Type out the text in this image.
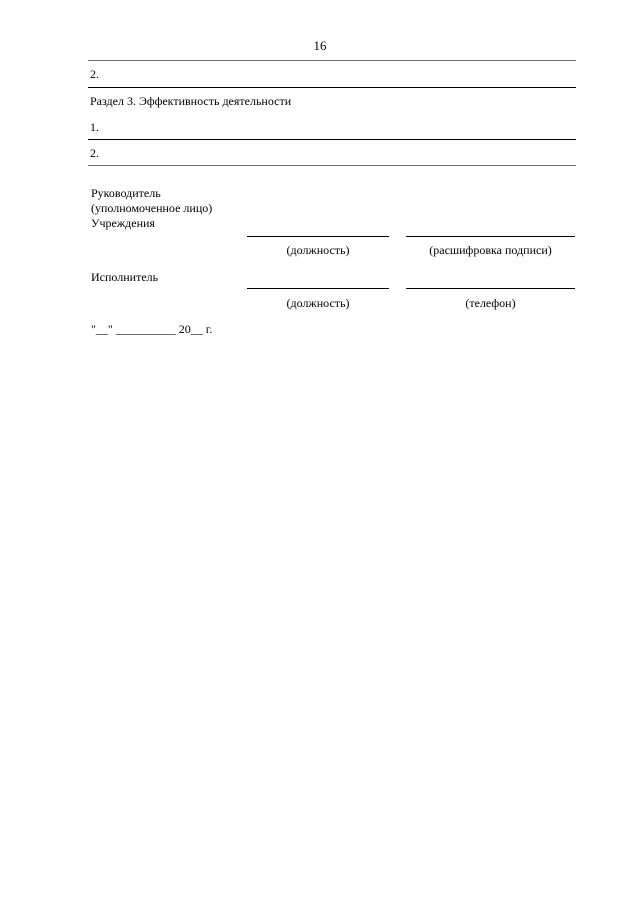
16
2.
Раздел 3. Эффективность деятельности
1.
2.
Руководитель
(уполномоченное лицо)
Учреждения
(должность)	(расшифровка подписи)
Исполнитель
(должность)	(телефон)
"__" __________ 20__ г.
